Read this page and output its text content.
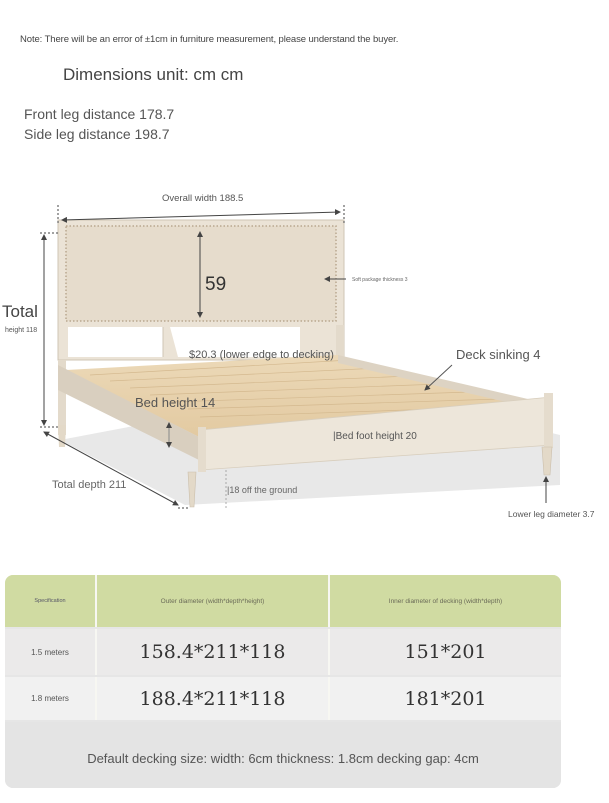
Note: There will be an error of ±1cm in furniture measurement, please understand the buyer.
Dimensions unit: cm cm
Front leg distance 178.7
Side leg distance 198.7
Overall width 188.5
59
Total
height 118
Soft package thickness 3
$20.3 (lower edge to decking)	Deck sinking 4
Bed height 14
|Bed foot height 20
Total depth 211	|18 off the ground
Lower leg diameter 3.7
Specification	Outer diameter (width*depth*height)	Inner diameter of decking (width*depth)
1.5 meters	158.4*211*118	151*201
1.8 meters	188.4*211*118	181*201
Default decking size: width: 6cm thickness: 1.8cm decking gap: 4cm
